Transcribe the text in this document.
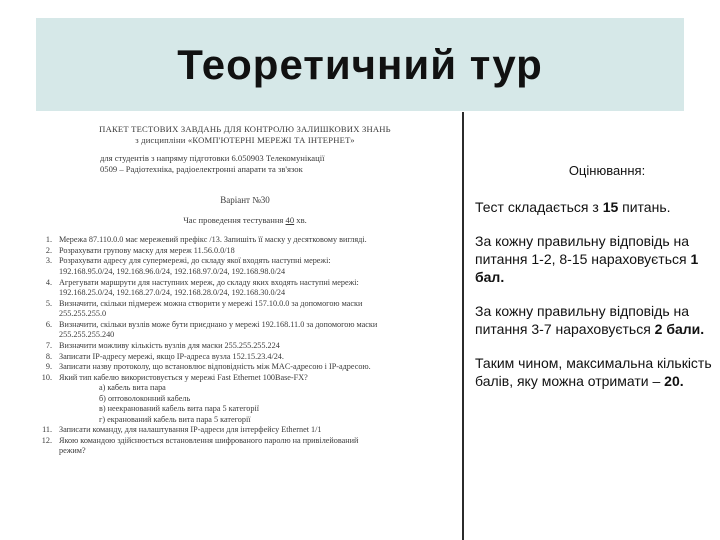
Теоретичний тур
ПАКЕТ ТЕСТОВИХ ЗАВДАНЬ ДЛЯ КОНТРОЛЮ ЗАЛИШКОВИХ ЗНАНЬ
з дисципліни «КОМП'ЮТЕРНІ МЕРЕЖІ ТА ІНТЕРНЕТ»
для студентів з напряму підготовки 6.050903 Телекомунікації
0509 – Радіотехніка, радіоелектронні апарати та зв'язок
Варіант №30
Час проведення тестування 40 хв.
1. Мережа 87.110.0.0 має мережевий префікс /13. Запишіть її маску у десятковому вигляді.
2. Розрахувати групову маску для мереж 11.56.0.0/18
3. Розрахувати адресу для супермережі, до складу якої входять наступні мережі:
192.168.95.0/24, 192.168.96.0/24, 192.168.97.0/24, 192.168.98.0/24
4. Агрегувати маршрути для наступних мереж, до складу яких входять наступні мережі:
192.168.25.0/24, 192.168.27.0/24, 192.168.28.0/24, 192.168.30.0/24
5. Визначити, скільки підмереж можна створити у мережі 157.10.0.0 за допомогою маски
255.255.255.0
6. Визначити, скільки вузлів може бути приєднано у мережі 192.168.11.0 за допомогою маски
255.255.255.240
7. Визначити можливу кількість вузлів для маски 255.255.255.224
8. Записати IP-адресу мережі, якщо IP-адреса вузла 152.15.23.4/24.
9. Записати назву протоколу, що встановлює відповідність між MAC-адресою і IP-адресою.
10. Який тип кабелю використовується у мережі Fast Ethernet 100Base-FX?
а) кабель вита пара
б) оптоволоконний кабель
в) неекранований кабель вита пара 5 категорії
г) екранований кабель вита пара 5 категорії
11. Записати команду, для налаштування IP-адреси для інтерфейсу Ethernet 1/1
12. Якою командою здійснюється встановлення шифрованого паролю на привілейований
режим?
Оцінювання:

Тест складається з 15 питань.

За кожну правильну відповідь на питання 1-2, 8-15 нараховується 1 бал.

За кожну правильну відповідь на питання 3-7 нараховується 2 бали.

Таким чином, максимальна кількість балів, яку можна отримати – 20.
